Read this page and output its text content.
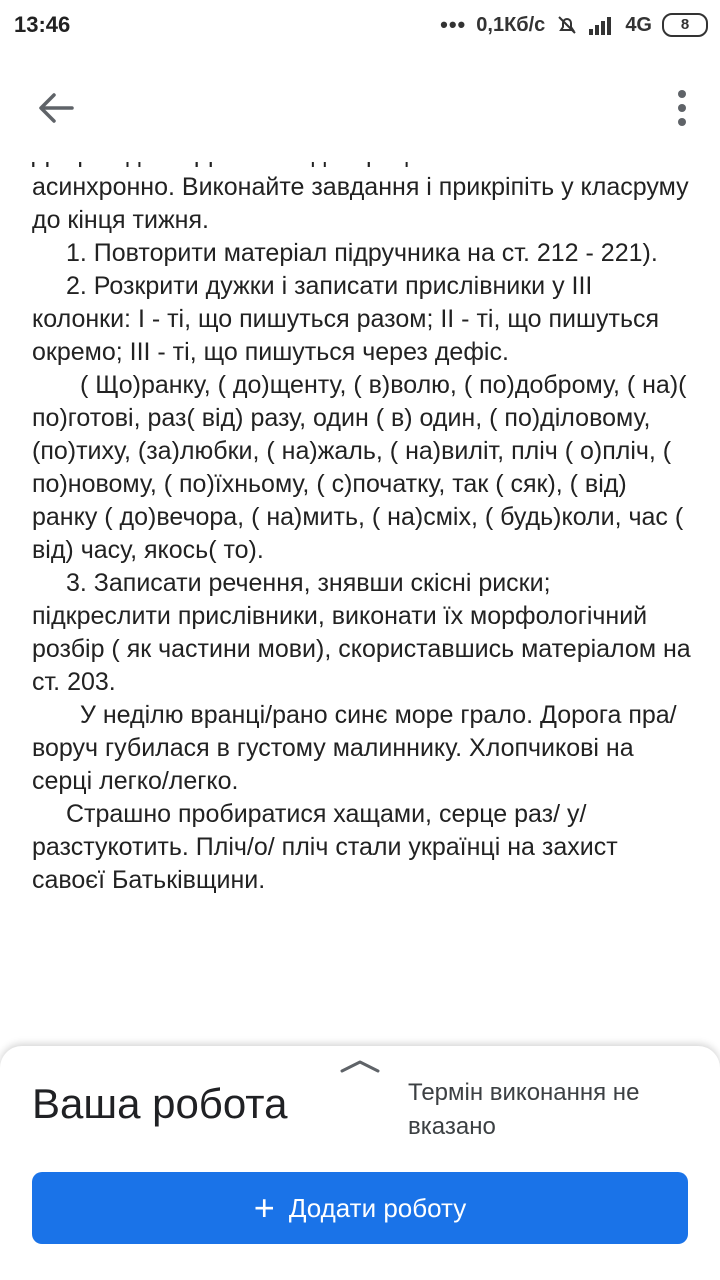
13:46	••• 0,1Кб/с	4G	8

асинхронно. Виконайте завдання і прикріпіть у класруму до кінця тижня.

1. Повторити матеріал підручника на ст. 212 - 221).

2. Розкрити дужки і записати прислівники у ІІІ колонки: І - ті, що пишуться разом; ІІ - ті, що пишуться окремо; ІІІ - ті, що пишуться через дефіс.

( Що)ранку, ( до)щенту, ( в)волю, ( по)доброму, ( на)( по)готові, раз( від) разу, один ( в) один, ( по)діловому, (по)тиху, (за)любки, ( на)жаль, ( на)виліт, пліч ( о)пліч, ( по)новому, ( по)їхньому, ( с)початку, так ( сяк), ( від) ранку ( до)вечора, ( на)мить, ( на)сміх, ( будь)коли, час ( від) часу, якось( то).

3. Записати речення, знявши скісні риски; підкреслити прислівники, виконати їх морфологічний розбір ( як частини мови), скориставшись матеріалом на ст. 203.

У неділю вранці/рано синє море грало. Дорога пра/воруч губилася в густому малиннику. Хлопчикові на серці легко/легко.

Страшно пробиратися хащами, серце раз/ у/разстукотить. Пліч/о/ пліч стали українці на захист савоєї Батьківщини.

Ваша робота	Термін виконання не вказано
+ Додати роботу
